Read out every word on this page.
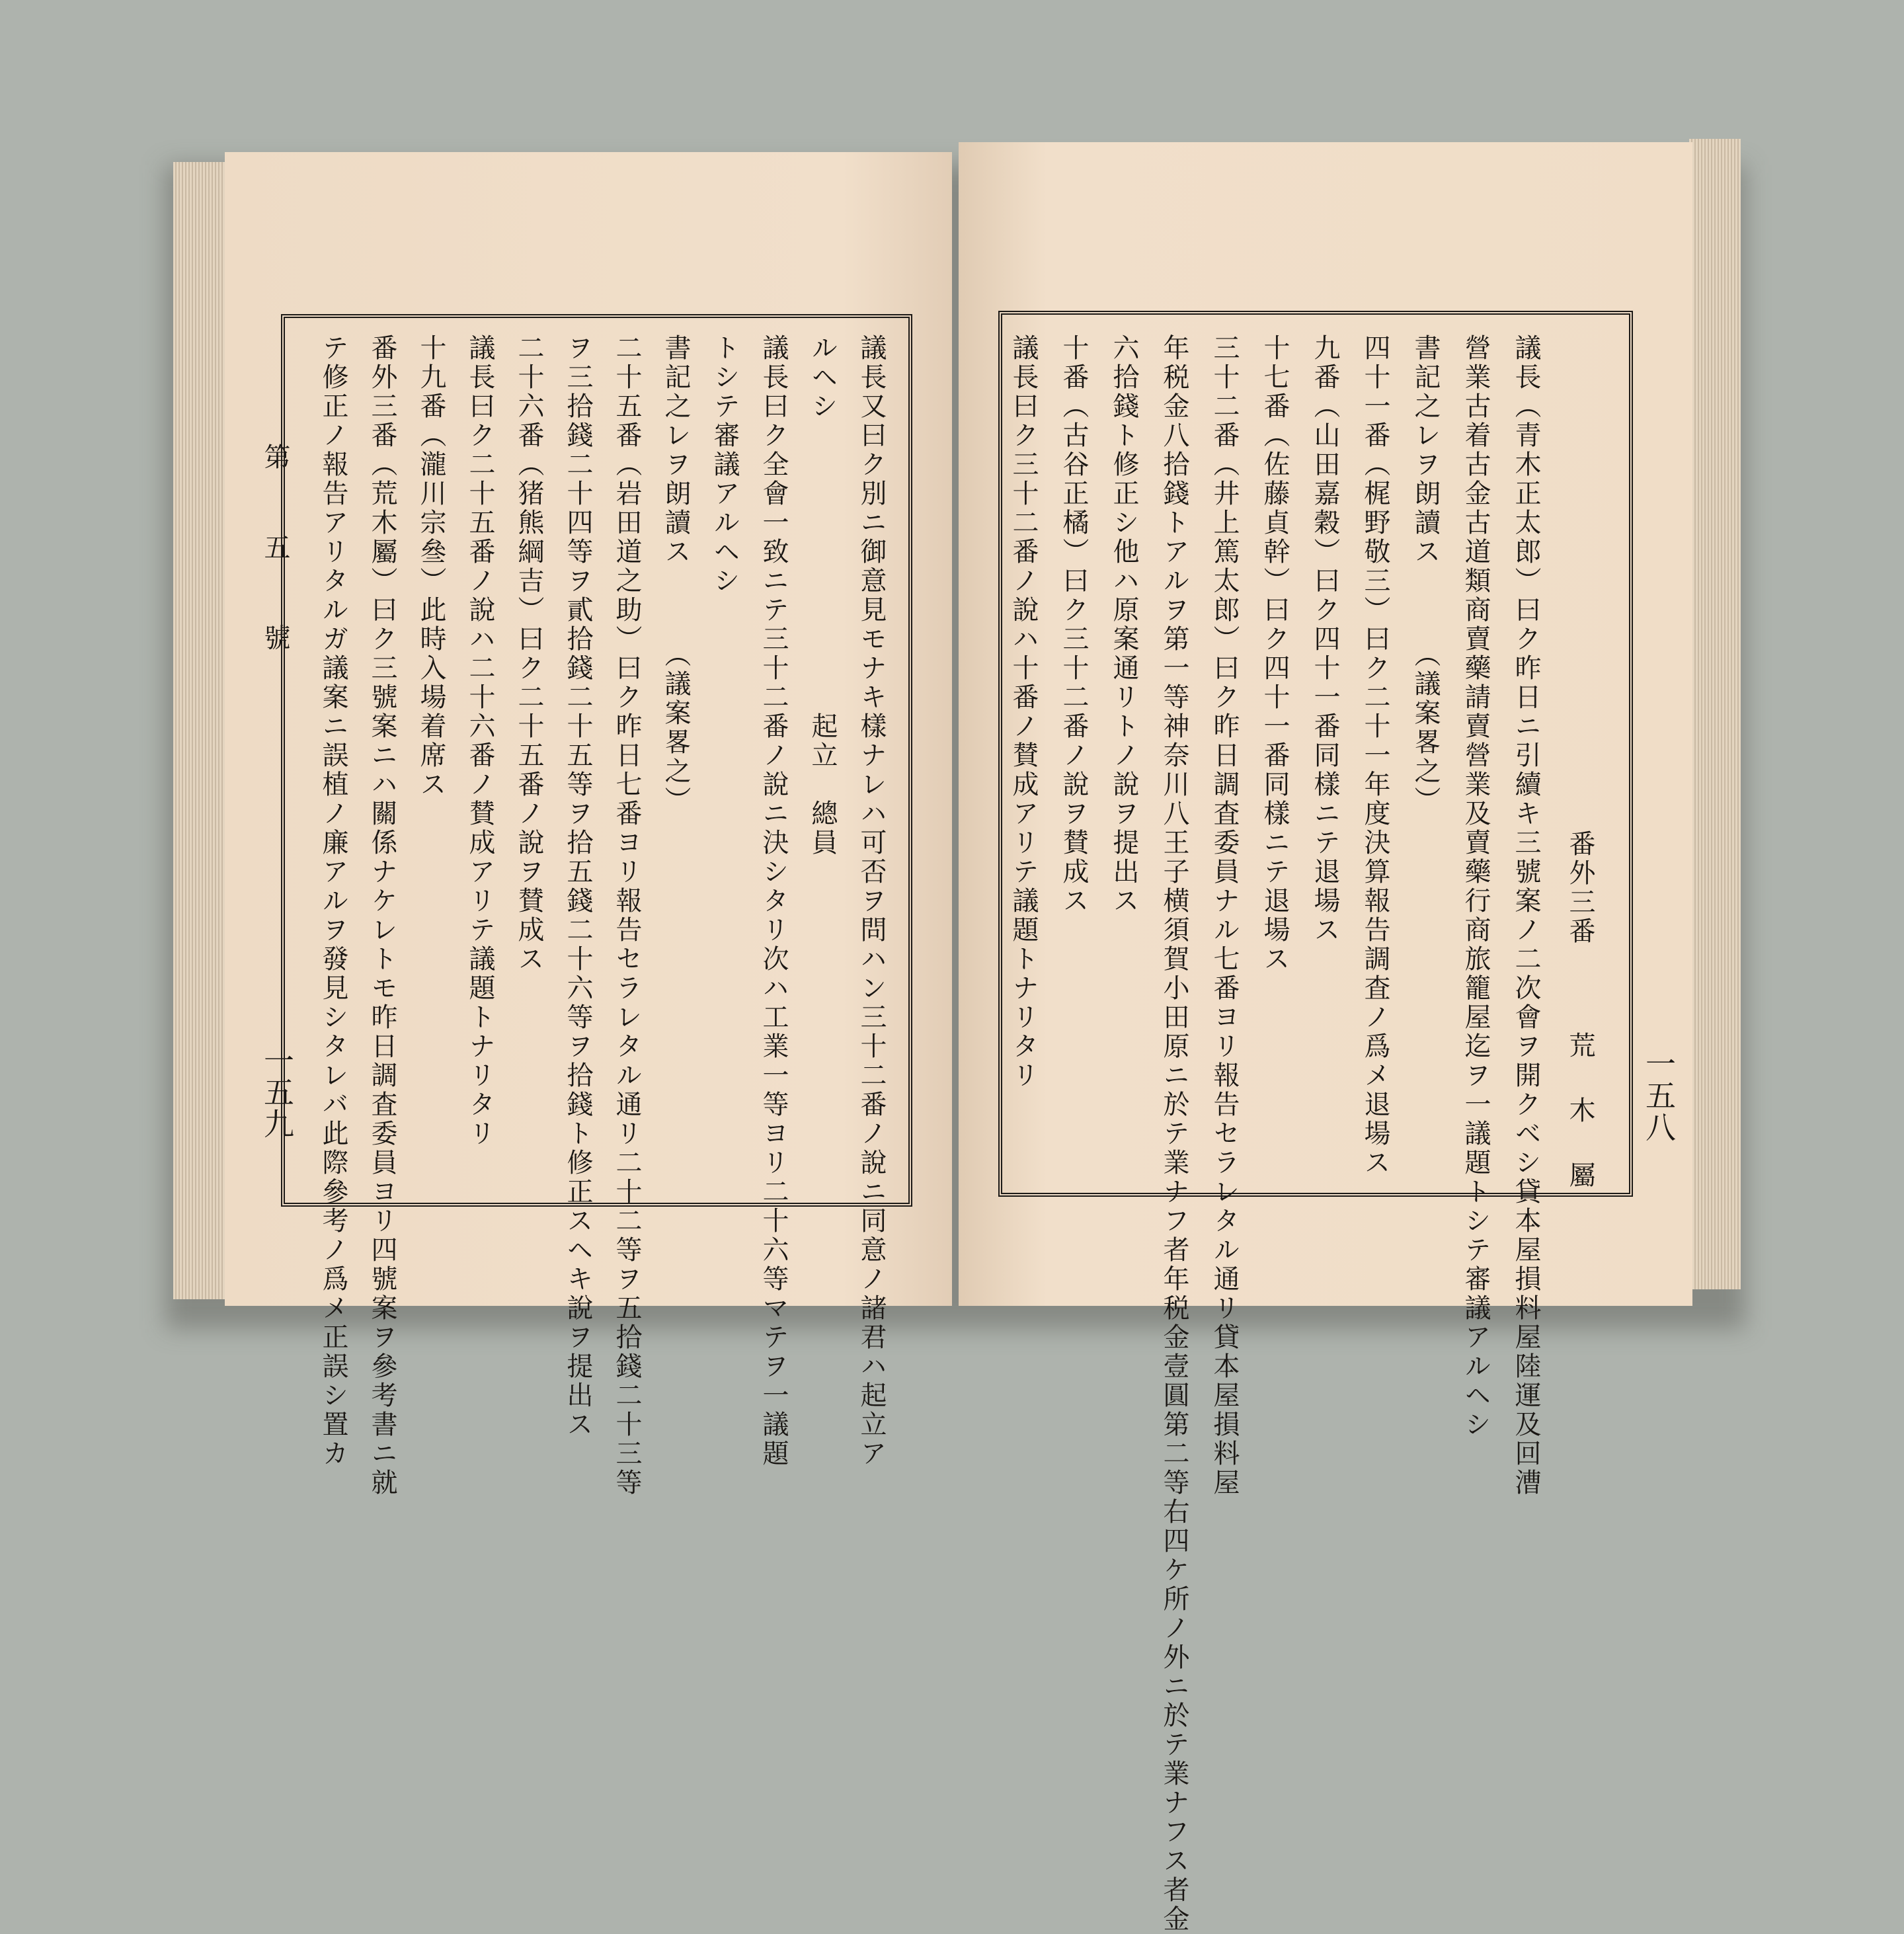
第 五 號
一五九	一五八
番外三番
荒木屬
議長（青木正太郎）曰ク昨日ニ引續キ三號案ノ二次會ヲ開クベシ貸本屋損料屋陸運及回漕
營業古着古金古道類商賣藥請賣營業及賣藥行商旅籠屋迄ヲ一議題トシテ審議アルヘシ
書記之レヲ朗讀ス　　　（議案畧之）
四十一番（梶野敬三）曰ク二十一年度決算報告調査ノ爲メ退場ス
九番（山田嘉穀）曰ク四十一番同樣ニテ退場ス
十七番（佐藤貞幹）曰ク四十一番同樣ニテ退場ス
三十二番（井上篤太郎）曰ク昨日調査委員ナル七番ヨリ報告セラレタル通リ貸本屋損料屋
年税金八拾錢トアルヲ第一等神奈川八王子横須賀小田原ニ於テ業ナフ者年税金壹圓第二等右四ケ所ノ外ニ於テ業ナフス者金
六拾錢ト修正シ他ハ原案通リトノ說ヲ提出ス
十番（古谷正橘）曰ク三十二番ノ說ヲ賛成ス
議長曰ク三十二番ノ說ハ十番ノ賛成アリテ議題トナリタリ
議長又曰ク別ニ御意見モナキ樣ナレハ可否ヲ問ハン三十二番ノ說ニ同意ノ諸君ハ起立ア
ルヘシ　　　　　　　　　　起立　總員
議長曰ク全會一致ニテ三十二番ノ說ニ決シタリ次ハ工業一等ヨリ二十六等マテヲ一議題
トシテ審議アルヘシ
書記之レヲ朗讀ス　　　（議案畧之）
二十五番（岩田道之助）曰ク昨日七番ヨリ報告セラレタル通リ二十二等ヲ五拾錢二十三等
ヲ三拾錢二十四等ヲ貳拾錢二十五等ヲ拾五錢二十六等ヲ拾錢ト修正スヘキ說ヲ提出ス
二十六番（猪熊綱吉）曰ク二十五番ノ說ヲ賛成ス
議長曰ク二十五番ノ說ハ二十六番ノ賛成アリテ議題トナリタリ
十九番（瀧川宗叄）此時入場着席ス
番外三番（荒木屬）曰ク三號案ニハ關係ナケレトモ昨日調査委員ヨリ四號案ヲ參考書ニ就
テ修正ノ報告アリタルガ議案ニ誤植ノ廉アルヲ發見シタレバ此際參考ノ爲メ正誤シ置カ
